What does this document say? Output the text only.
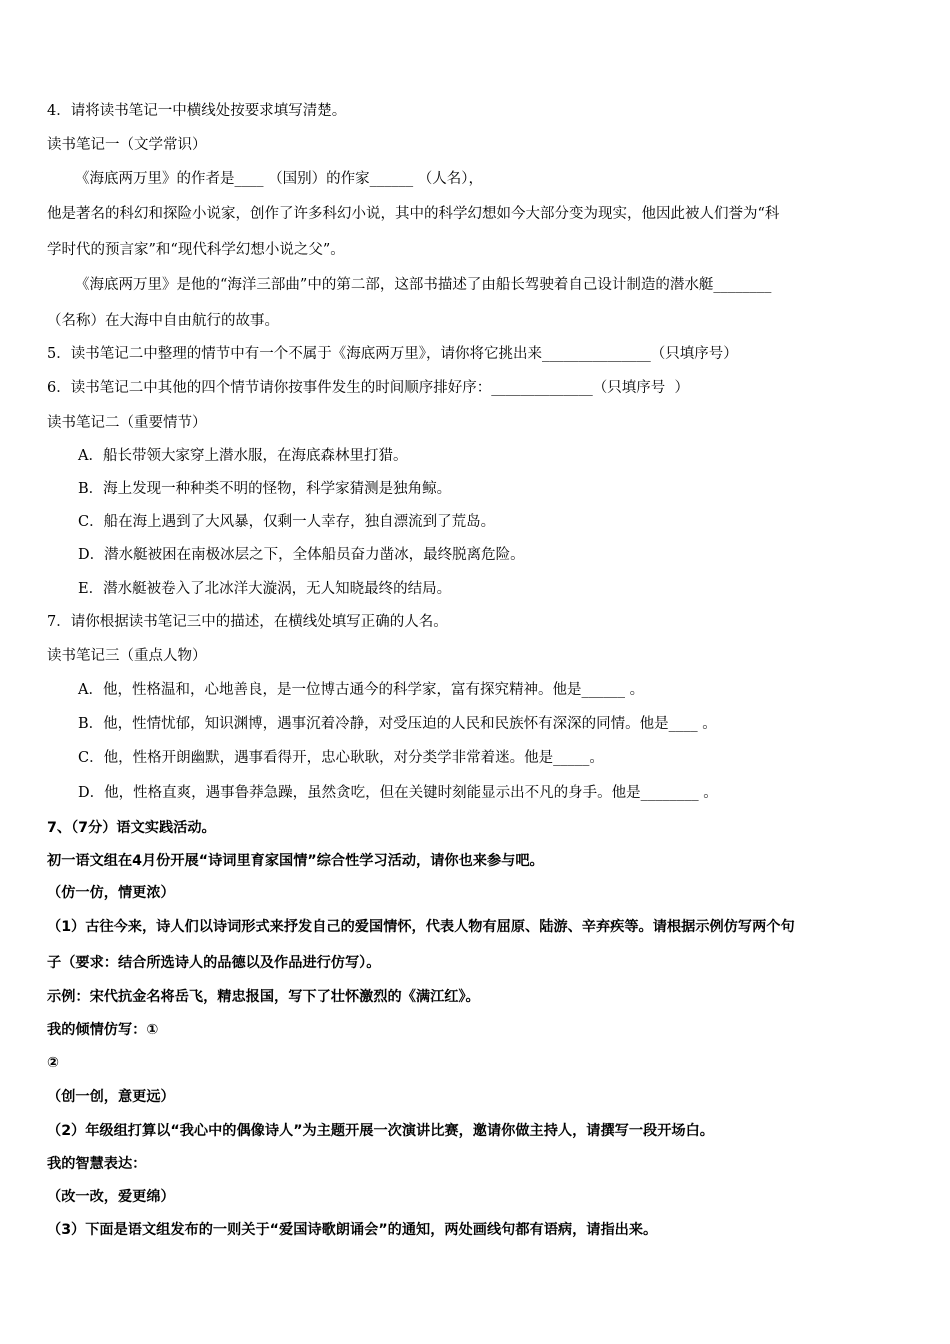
4．请将读书笔记一中横线处按要求填写清楚。
读书笔记一（文学常识）
《海底两万里》的作者是____ （国别）的作家______ （人名），
他是著名的科幻和探险小说家，创作了许多科幻小说，其中的科学幻想如今大部分变为现实，他因此被人们誉为“科
学时代的预言家”和“现代科学幻想小说之父”。
《海底两万里》是他的“海洋三部曲”中的第二部，这部书描述了由船长驾驶着自己设计制造的潜水艇________
（名称）在大海中自由航行的故事。
5．读书笔记二中整理的情节中有一个不属于《海底两万里》，请你将它挑出来_______________（只填序号）
6．读书笔记二中其他的四个情节请你按事件发生的时间顺序排好序：______________（只填序号  ）
读书笔记二（重要情节）
A．船长带领大家穿上潜水服，在海底森林里打猎。
B．海上发现一种种类不明的怪物，科学家猜测是独角鲸。
C．船在海上遇到了大风暴，仅剩一人幸存，独自漂流到了荒岛。
D．潜水艇被困在南极冰层之下，全体船员奋力凿冰，最终脱离危险。
E．潜水艇被卷入了北冰洋大漩涡，无人知晓最终的结局。
7．请你根据读书笔记三中的描述，在横线处填写正确的人名。
读书笔记三（重点人物）
A．他，性格温和，心地善良，是一位博古通今的科学家，富有探究精神。他是______ 。
B．他，性情忧郁，知识渊博，遇事沉着冷静，对受压迫的人民和民族怀有深深的同情。他是____ 。
C．他，性格开朗幽默，遇事看得开，忠心耿耿，对分类学非常着迷。他是_____。
D．他，性格直爽，遇事鲁莽急躁，虽然贪吃，但在关键时刻能显示出不凡的身手。他是________ 。
7、（7分）语文实践活动。
初一语文组在4月份开展“诗词里育家国情”综合性学习活动，请你也来参与吧。
（仿一仿，情更浓）
（1）古往今来，诗人们以诗词形式来抒发自己的爱国情怀，代表人物有屈原、陆游、辛弃疾等。请根据示例仿写两个句
子（要求：结合所选诗人的品德以及作品进行仿写）。
示例：宋代抗金名将岳飞，精忠报国，写下了壮怀激烈的《满江红》。
我的倾情仿写：①
②
（创一创，意更远）
（2）年级组打算以“我心中的偶像诗人”为主题开展一次演讲比赛，邀请你做主持人，请撰写一段开场白。
我的智慧表达：
（改一改，爱更绵）
（3）下面是语文组发布的一则关于“爱国诗歌朗诵会”的通知，两处画线句都有语病，请指出来。
